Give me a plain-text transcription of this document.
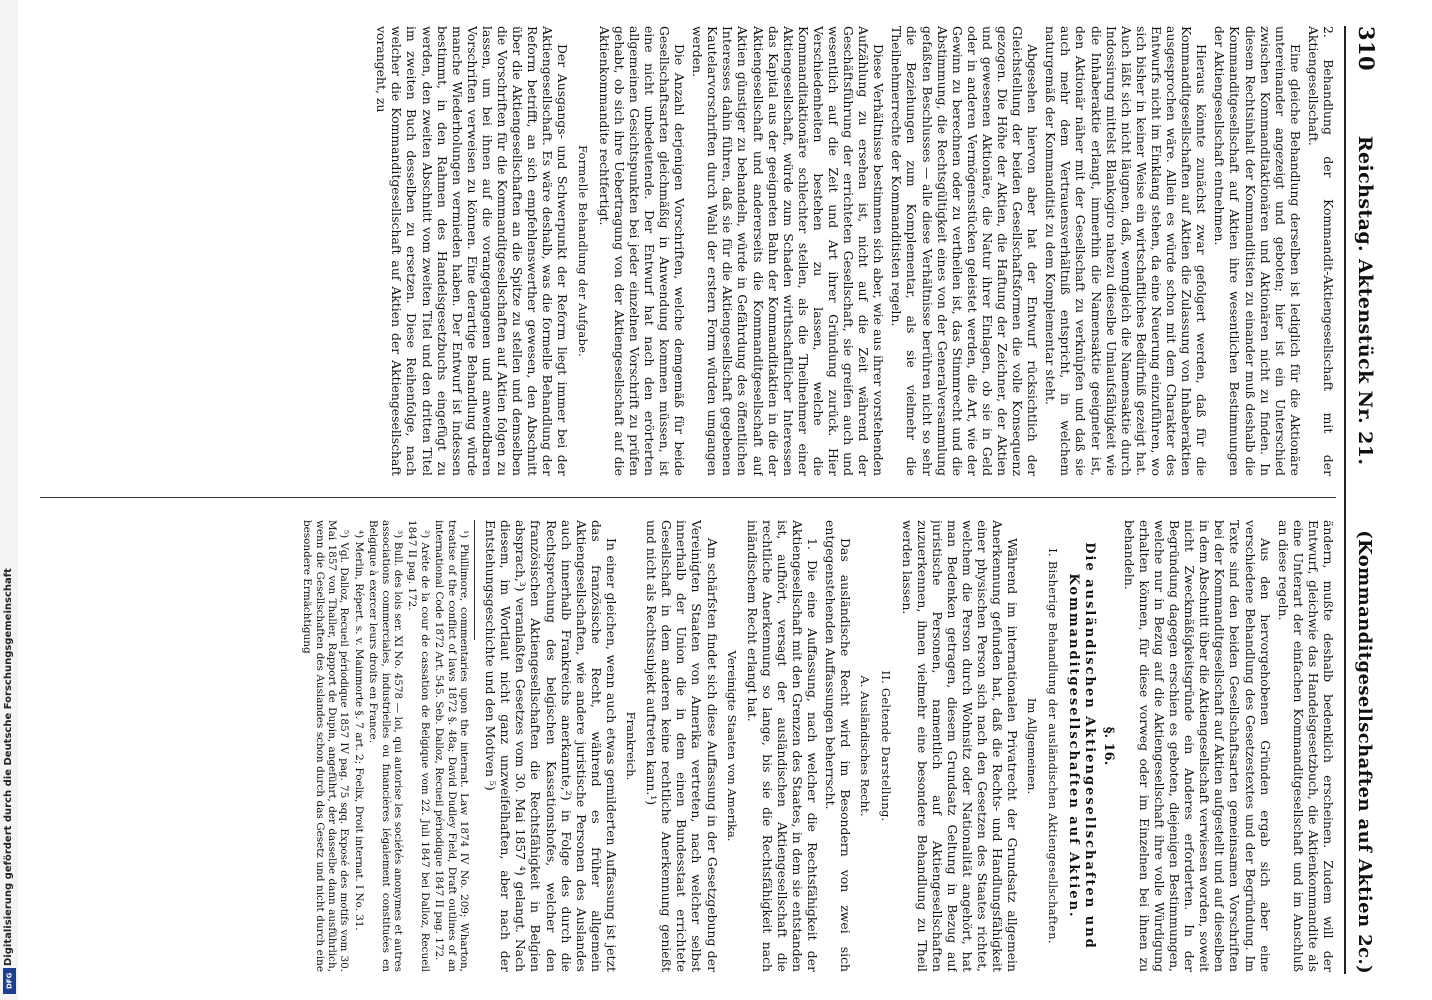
310
Reichstag. Aktenstück Nr. 21.
(Kommanditgesellschaften auf Aktien 2c.)

2. Behandlung der Kommandit-Aktiengesellschaft mit der Aktiengesellschaft.

Eine gleiche Behandlung derselben ist lediglich für die Aktionäre untereinander angezeigt und geboten; hier ist ein Unterschied zwischen Kommanditaktionären und Aktionären nicht zu finden. In diesem Rechtsinhalt der Kommanditisten zu einander muß deshalb die Kommanditgesellschaft auf Aktien ihre wesentlichen Bestimmungen der Aktiengesellschaft entnehmen.

Hieraus könnte zunächst zwar gefolgert werden, daß für die Kommanditgesellschaften auf Aktien die Zulassung von Inhaberaktien ausgesprochen wäre. Allein es würde schon mit dem Charakter des Entwurfs nicht im Einklang stehen, da eine Neuerung einzuführen, wo sich bisher in keiner Weise ein wirtschaftliches Bedürfniß gezeigt hat. Auch läßt sich nicht läugnen, daß, wenngleich die Namensaktie durch Indossirung mittelst Blankogiro nahezu dieselbe Umlaufsfähigkeit wie die Inhaberaktie erlangt, immerhin die Namensaktie geeigneter ist, den Aktionär näher mit der Gesellschaft zu verknüpfen und daß sie auch mehr dem Vertrauensverhältniß entspricht, in welchem naturgemäß der Kommanditist zu dem Komplementar steht.

Abgesehen hiervon aber hat der Entwurf rücksichtlich der Gleichstellung der beiden Gesellschaftsformen die volle Konsequenz gezogen. Die Höhe der Aktien, die Haftung der Zeichner, der Aktien und gewesenen Aktionäre, die Natur ihrer Einlagen, ob sie in Geld oder in anderen Vermögensstücken geleistet werden, die Art, wie der Gewinn zu berechnen oder zu vertheilen ist, das Stimmrecht und die Abstimmung, die Rechtsgültigkeit eines von der Generalversammlung gefaßten Beschlusses — alle diese Verhältnisse berühren nicht so sehr die Beziehungen zum Komplementar, als sie vielmehr die Theilnehmerrechte der Kommanditisten regeln.

Diese Verhältnisse bestimmen sich aber, wie aus ihrer vorstehenden Aufzählung zu ersehen ist, nicht auf die Zeit während der Geschäftsführung der errichteten Gesellschaft, sie greifen auch und wesentlich auf die Zeit und Art ihrer Gründung zurück. Hier Verschiedenheiten bestehen zu lassen, welche die Kommanditaktionäre schlechter stellen, als die Theilnehmer einer Aktiengesellschaft, würde zum Schaden wirthschaftlicher Interessen das Kapital aus der geeigneten Bahn der Kommanditaktien in die der Aktiengesellschaft und andererseits die Kommanditgesellschaft auf Aktien günstiger zu behandeln, würde in Gefährdung des öffentlichen Interesses dahin führen, daß sie für die Aktiengesellschaft gegebenen Kautelarvorschriften durch Wahl der erstern Form würden umgangen werden.

Die Anzahl derjenigen Vorschriften, welche demgemäß für beide Gesellschaftsarten gleichmäßig in Anwendung kommen müssen, ist eine nicht unbedeutende. Der Entwurf hat nach den erörterten allgemeinen Gesichtspunkten bei jeder einzelnen Vorschrift zu prüfen gehabt, ob sich ihre Uebertragung von der Aktiengesellschaft auf die Aktienkommandite rechtfertigt.

Formelle Behandlung der Aufgabe.

Der Ausgangs- und Schwerpunkt der Reform liegt immer bei der Aktiengesellschaft. Es wäre deshalb, was die formelle Behandlung der Reform betrifft, an sich empfehlenswerther gewesen, den Abschnitt über die Aktiengesellschaften an die Spitze zu stellen und demselben die Vorschriften für die Kommanditgesellschaften auf Aktien folgen zu lassen, um bei ihnen auf die vorangegangenen und anwendbaren Vorschriften verweisen zu können. Eine derartige Behandlung würde manche Wiederholungen vermieden haben. Der Entwurf ist indessen bestimmt, in den Rahmen des Handelsgesetzbuchs eingefügt zu werden, den zweiten Abschnitt vom zweiten Titel und den dritten Titel im zweiten Buch desselben zu ersetzen. Diese Reihenfolge, nach welcher die Kommanditgesellschaft auf Aktien der Aktiengesellschaft vorangeht, zu

ändern, mußte deshalb bedenklich erscheinen. Zudem will der Entwurf, gleichwie das Handelsgesetzbuch, die Aktienkommandite als eine Unterart der einfachen Kommanditgesellschaft und im Anschluß an diese regeln.

Aus den hervorgehobenen Gründen ergab sich aber eine verschiedene Behandlung des Gesetzestextes und der Begründung. Im Texte sind den beiden Gesellschaftsarten gemeinsamen Vorschriften bei der Kommanditgesellschaft auf Aktien aufgestellt und auf dieselben in dem Abschnitt über die Aktiengesellschaft verwiesen worden, soweit nicht Zweckmäßigkeitsgründe ein Anderes erforderten. In der Begründung dagegen erschien es geboten, diejenigen Bestimmungen, welche nur in Bezug auf die Aktiengesellschaft ihre volle Würdigung erhalten können, für diese vorweg oder im Einzelnen bei ihnen zu behandeln.

§. 16.
Die ausländischen Aktiengesellschaften und Kommanditgesellschaften auf Aktien.
I. Bisherige Behandlung der ausländischen Aktiengesellschaften.
Im Allgemeinen.

Während im internationalen Privatrecht der Grundsatz allgemein Anerkennung gefunden hat, daß die Rechts- und Handlungsfähigkeit einer physischen Person sich nach den Gesetzen des Staates richtet, welchem die Person durch Wohnsitz oder Nationalität angehört, hat man Bedenken getragen, diesem Grundsatz Geltung in Bezug auf juristische Personen, namentlich auf Aktiengesellschaften zuzuerkennen, ihnen vielmehr eine besondere Behandlung zu Theil werden lassen.

II. Geltende Darstellung.
A. Ausländisches Recht.

Das ausländische Recht wird im Besondern von zwei sich entgegenstehenden Auffassungen beherrscht.

1. Die eine Auffassung, nach welcher die Rechtsfähigkeit der Aktiengesellschaft mit den Grenzen des Staates, in dem sie entstanden ist, aufhört, versagt der ausländischen Aktiengesellschaft die rechtliche Anerkennung so lange, bis sie die Rechtsfähigkeit nach inländischem Recht erlangt hat.

Vereinigte Staaten von Amerika.

Am schärfsten findet sich diese Auffassung in der Gesetzgebung der Vereinigten Staaten von Amerika vertreten, nach welcher selbst innerhalb der Union die in dem einen Bundesstaat errichtete Gesellschaft in dem anderen keine rechtliche Anerkennung genießt und nicht als Rechtssubjekt auftreten kann.¹)

Frankreich.

In einer gleichen, wenn auch etwas gemilderten Auffassung ist jetzt das französische Recht, während es früher allgemein Aktiengesellschaften, wie andere juristische Personen des Auslandes auch innerhalb Frankreichs anerkannte,²) in Folge des durch die Rechtsprechung des belgischen Kassationshofes, welcher den französischen Aktiengesellschaften die Rechtsfähigkeit in Belgien absprach,³) veranlaßten Gesetzes vom 30. Mai 1857 ⁴) gelangt. Nach diesem, im Wortlaut nicht ganz unzweifelhaften, aber nach der Entstehungsgeschichte und den Motiven ⁵)

¹) Phillimore, commentaries upon the internat. Law 1874 IV No. 209; Wharton, treatise of the conflict of laws 1872 §. 48a; David Dudley Field, Draft outlines of an international Code 1872 Art. 545. Seb. Dalloz, Recueil périodique 1847 II pag. 172.

²) Aréte de la cour de cassation de Belgique vom 22. Juli 1847 bei Dalloz, Recueil 1847 II pag. 172.

³) Bull. des lois ser. XI No. 4578 — loi, qui autorise les sociétés anonymes et autres associations commerciales, industrielles ou financières légalement constituées en Belgique à exercer leurs droits en France.

⁴) Merlin, Répert. s. v. Mainmorte §. 7 art. 2; Foelix, Droit internat. I No. 31.

⁵) Vgl. Dalloz, Recueil périodique 1857 IV pag. 75 sqq. Exposé des motifs vom 30. Mai 1857 von Thaller, Rapport de Dupin, angeführt, der dasselbe dann ausführlich, wenn die Gesellschaften des Auslandes schon durch das Gesetz und nicht durch eine besondere Ermächtigung

Digitalisierung gefördert durch die Deutsche Forschungsgemeinschaft
DFG
